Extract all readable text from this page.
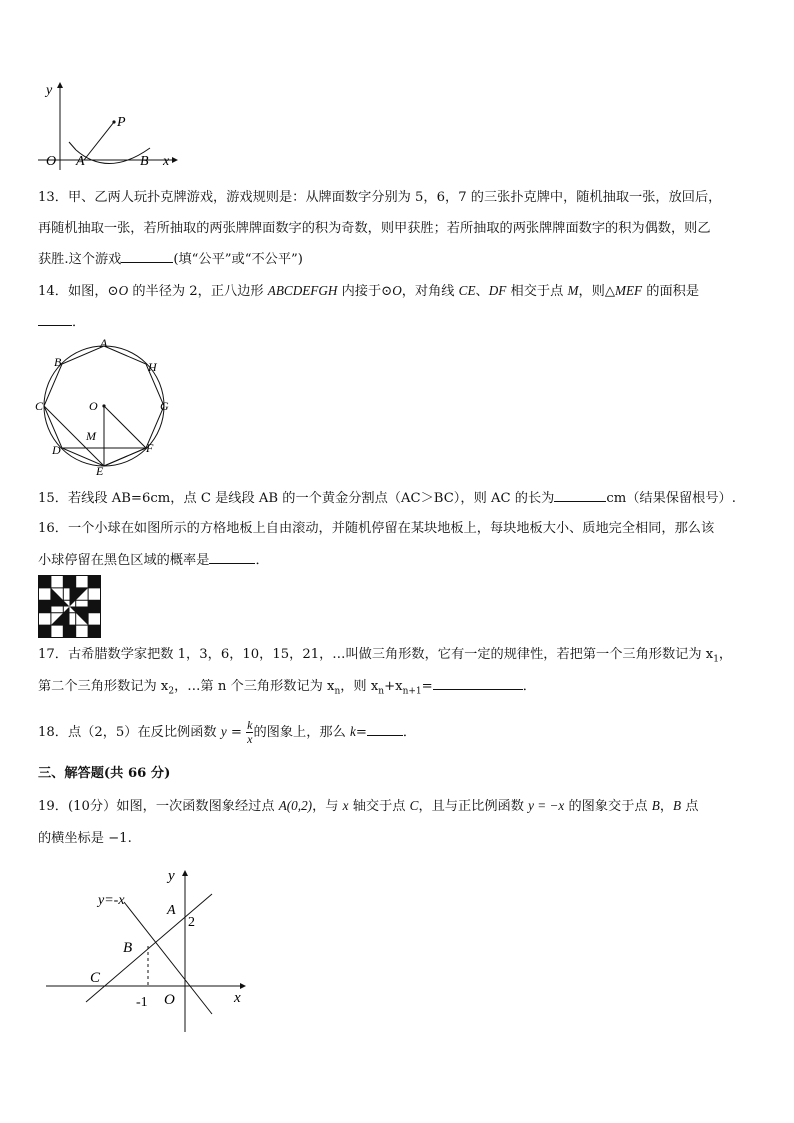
y
P
O A	B x
13．甲、乙两人玩扑克牌游戏，游戏规则是：从牌面数字分别为 5，6，7 的三张扑克牌中，随机抽取一张，放回后，
再随机抽取一张，若所抽取的两张牌牌面数字的积为奇数，则甲获胜；若所抽取的两张牌牌面数字的积为偶数，则乙
获胜.这个游戏	(填“公平”或“不公平”)
14．如图，⊙O 的半径为 2，正八边形 ABCDEFGH 内接于⊙O，对角线 CE、DF 相交于点 M，则△MEF 的面积是
．
A
B	H
C	O	G
M
D	F
E
15．若线段 AB=6cm，点 C 是线段 AB 的一个黄金分割点（AC＞BC），则 AC 的长为	cm（结果保留根号）.
16．一个小球在如图所示的方格地板上自由滚动，并随机停留在某块地板上，每块地板大小、质地完全相同，那么该
小球停留在黑色区域的概率是	．
17．古希腊数学家把数 1，3，6，10，15，21，…叫做三角形数，它有一定的规律性，若把第一个三角形数记为 $x_1$，
第二个三角形数记为 $x_2$，…第 n 个三角形数记为 $x_n$，则 $x_n+x_{n+1}=$	．
18．点（2，5）在反比例函数 $y = \frac{k}{x}$ 的图象上，那么 k=	．
三、解答题(共 66 分)
19．(10分）如图，一次函数图象经过点 A(0,2)，与 x 轴交于点 C，且与正比例函数 y = −x 的图象交于点 B，B 点
的横坐标是 −1.
y
y=-x
A
2
B
C
-1 O	x
